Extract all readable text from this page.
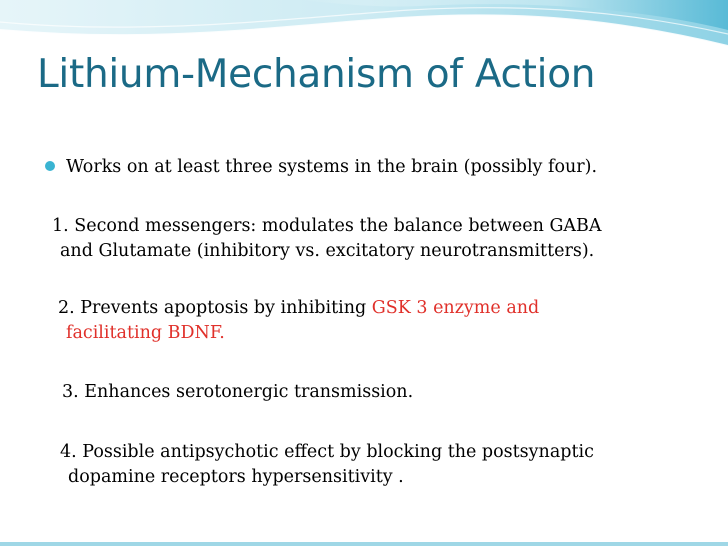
Lithium-Mechanism of Action
Works on at least three systems in the brain (possibly four).
1. Second messengers: modulates the balance between GABA
and Glutamate (inhibitory vs. excitatory neurotransmitters).
2. Prevents apoptosis by inhibiting GSK 3 enzyme and
facilitating BDNF.
3. Enhances serotonergic transmission.
4. Possible antipsychotic effect by blocking the postsynaptic
dopamine receptors hypersensitivity .
